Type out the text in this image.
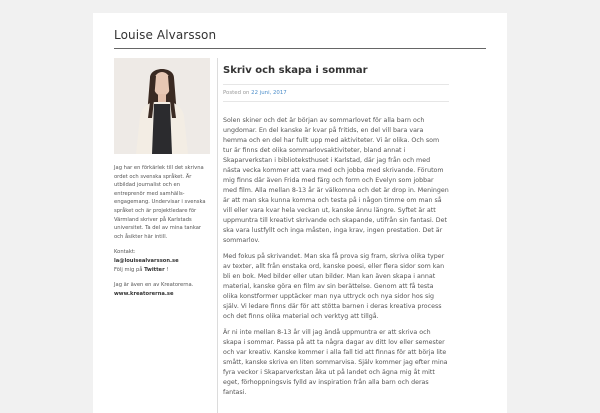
Louise Alvarsson

Jag har en förkärlek till det skrivna ordet och svenska språket. Är utbildad journalist och en entreprenör med samhälls-engagemang. Undervisar i svenska språket och är projektledare för Värmland skriver på Karlstads universitet. Ta del av mina tankar och åsikter här intill.

Kontakt:
la@louisealvarsson.se
Följ mig på Twitter !

Jag är även en av Kreatorerna.
www.kreatorerna.se

Skriv och skapa i sommar
Posted on 22 juni, 2017

Solen skiner och det är början av sommarlovet för alla barn och ungdomar. En del kanske är kvar på fritids, en del vill bara vara hemma och en del har fullt upp med aktiviteter. Vi är olika. Och som tur är finns det olika sommarlovsaktiviteter, bland annat i Skaparverkstan i biblioteksthuset i Karlstad, där jag från och med nästa vecka kommer att vara med och jobba med skrivande. Förutom mig finns där även Frida med färg och form och Evelyn som jobbar med film. Alla mellan 8-13 år är välkomna och det är drop in. Meningen är att man ska kunna komma och testa på i någon timme om man så vill eller vara kvar hela veckan ut, kanske ännu längre. Syftet är att uppmuntra till kreativt skrivande och skapande, utifrån sin fantasi. Det ska vara lustfyllt och inga måsten, inga krav, ingen prestation. Det är sommarlov.

Med fokus på skrivandet. Man ska få prova sig fram, skriva olika typer av texter, allt från enstaka ord, kanske poesi, eller flera sidor som kan bli en bok. Med bilder eller utan bilder. Man kan även skapa i annat material, kanske göra en film av sin berättelse. Genom att få testa olika konstformer upptäcker man nya uttryck och nya sidor hos sig själv. Vi ledare finns där för att stötta barnen i deras kreativa process och det finns olika material och verktyg att tillgå.

Är ni inte mellan 8-13 år vill jag ändå uppmuntra er att skriva och skapa i sommar. Passa på att ta några dagar av ditt lov eller semester och var kreativ. Kanske kommer i alla fall tid att finnas för att börja lite smått, kanske skriva en liten sommarvisa. Själv kommer jag efter mina fyra veckor i Skaparverkstan åka ut på landet och ägna mig åt mitt eget, förhoppningsvis fylld av inspiration från alla barn och deras fantasi.
